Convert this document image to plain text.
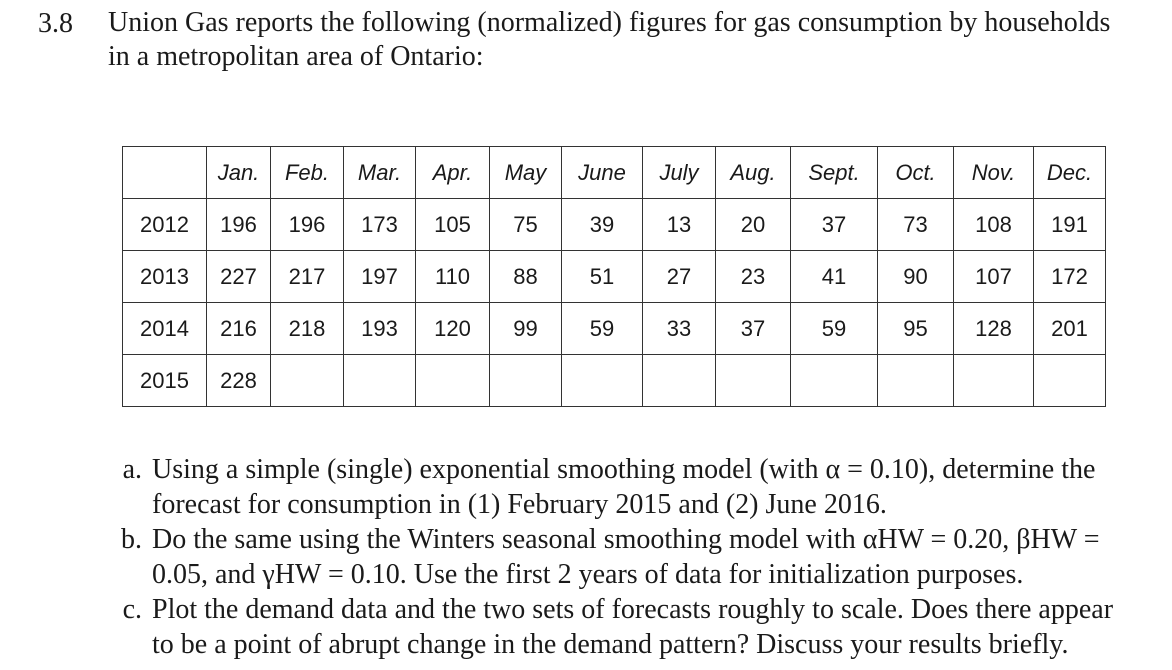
3.8 Union Gas reports the following (normalized) figures for gas consumption by households
in a metropolitan area of Ontario:
	Jan.	Feb.	Mar.	Apr.	May	June	July	Aug.	Sept.	Oct.	Nov.	Dec.
2012	196	196	173	105	75	39	13	20	37	73	108	191
2013	227	217	197	110	88	51	27	23	41	90	107	172
2014	216	218	193	120	99	59	33	37	59	95	128	201
2015	228											
a. Using a simple (single) exponential smoothing model (with α = 0.10), determine the
forecast for consumption in (1) February 2015 and (2) June 2016.
b. Do the same using the Winters seasonal smoothing model with αHW = 0.20, βHW =
0.05, and γHW = 0.10. Use the first 2 years of data for initialization purposes.
c. Plot the demand data and the two sets of forecasts roughly to scale. Does there appear
to be a point of abrupt change in the demand pattern? Discuss your results briefly.
